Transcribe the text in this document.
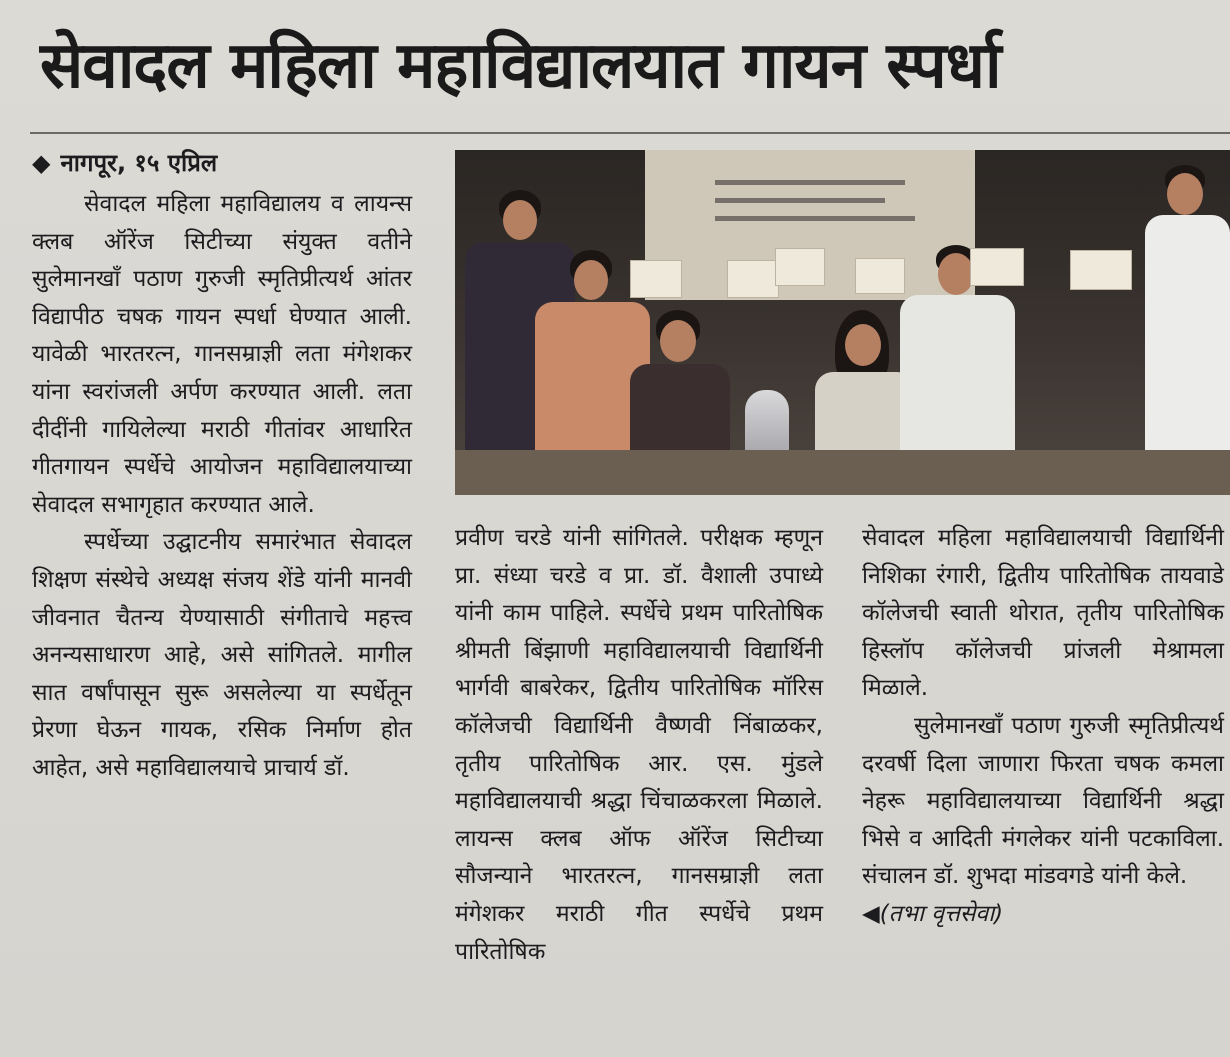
सेवादल महिला महाविद्यालयात गायन स्पर्धा
◆ नागपूर, १५ एप्रिल

सेवादल महिला महाविद्यालय व लायन्स क्लब ऑरेंज सिटीच्या संयुक्त वतीने सुलेमानखाँ पठाण गुरुजी स्मृतिप्रीत्यर्थ आंतर विद्यापीठ चषक गायन स्पर्धा घेण्यात आली. यावेळी भारतरत्न, गानसम्राज्ञी लता मंगेशकर यांना स्वरांजली अर्पण करण्यात आली. लता दीदींनी गायिलेल्या मराठी गीतांवर आधारित गीतगायन स्पर्धेचे आयोजन महाविद्यालयाच्या सेवादल सभागृहात करण्यात आले.

स्पर्धेच्या उद्घाटनीय समारंभात सेवादल शिक्षण संस्थेचे अध्यक्ष संजय शेंडे यांनी मानवी जीवनात चैतन्य येण्यासाठी संगीताचे महत्त्व अनन्यसाधारण आहे, असे सांगितले. मागील सात वर्षांपासून सुरू असलेल्या या स्पर्धेतून प्रेरणा घेऊन गायक, रसिक निर्माण होत आहेत, असे महाविद्यालयाचे प्राचार्य डॉ.

प्रवीण चरडे यांनी सांगितले. परीक्षक म्हणून प्रा. संध्या चरडे व प्रा. डॉ. वैशाली उपाध्ये यांनी काम पाहिले. स्पर्धेचे प्रथम पारितोषिक श्रीमती बिंझाणी महाविद्यालयाची विद्यार्थिनी भार्गवी बाबरेकर, द्वितीय पारितोषिक मॉरिस कॉलेजची विद्यार्थिनी वैष्णवी निंबाळकर, तृतीय पारितोषिक आर. एस. मुंडले महाविद्यालयाची श्रद्धा चिंचाळकरला मिळाले. लायन्स क्लब ऑफ ऑरेंज सिटीच्या सौजन्याने भारतरत्न, गानसम्राज्ञी लता मंगेशकर मराठी गीत स्पर्धेचे प्रथम पारितोषिक

सेवादल महिला महाविद्यालयाची विद्यार्थिनी निशिका रंगारी, द्वितीय पारितोषिक तायवाडे कॉलेजची स्वाती थोरात, तृतीय पारितोषिक हिस्लॉप कॉलेजची प्रांजली मेश्रामला मिळाले.

सुलेमानखाँ पठाण गुरुजी स्मृतिप्रीत्यर्थ दरवर्षी दिला जाणारा फिरता चषक कमला नेहरू महाविद्यालयाच्या विद्यार्थिनी श्रद्धा भिसे व आदिती मंगलेकर यांनी पटकाविला. संचालन डॉ. शुभदा मांडवगडे यांनी केले.

◀(तभा वृत्तसेवा)
